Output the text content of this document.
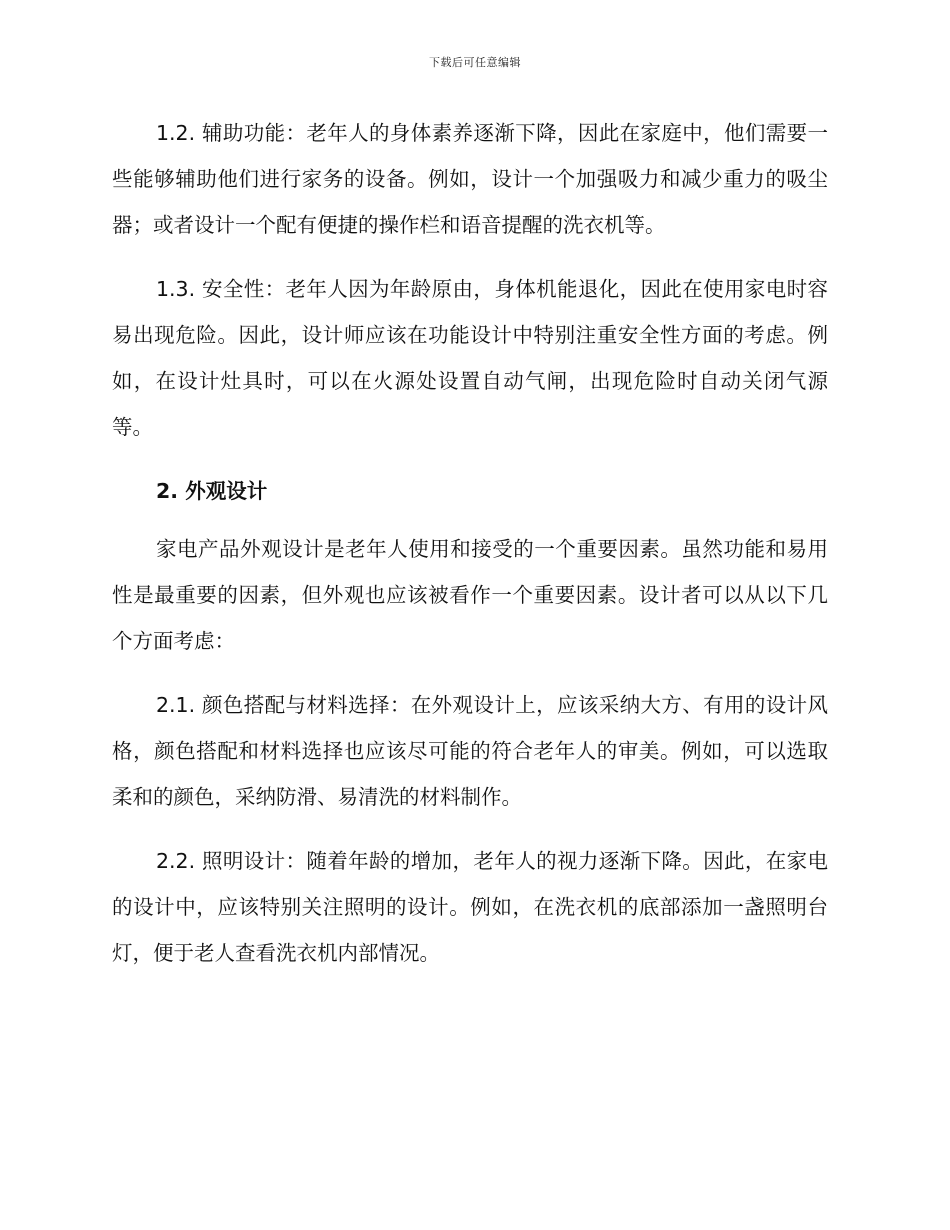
下载后可任意编辑

1.2. 辅助功能：老年人的身体素养逐渐下降，因此在家庭中，他们需要一些能够辅助他们进行家务的设备。例如，设计一个加强吸力和减少重力的吸尘器；或者设计一个配有便捷的操作栏和语音提醒的洗衣机等。

1.3. 安全性：老年人因为年龄原由，身体机能退化，因此在使用家电时容易出现危险。因此，设计师应该在功能设计中特别注重安全性方面的考虑。例如，在设计灶具时，可以在火源处设置自动气闸，出现危险时自动关闭气源等。

2. 外观设计

家电产品外观设计是老年人使用和接受的一个重要因素。虽然功能和易用性是最重要的因素，但外观也应该被看作一个重要因素。设计者可以从以下几个方面考虑：

2.1. 颜色搭配与材料选择：在外观设计上，应该采纳大方、有用的设计风格，颜色搭配和材料选择也应该尽可能的符合老年人的审美。例如，可以选取柔和的颜色，采纳防滑、易清洗的材料制作。

2.2. 照明设计：随着年龄的增加，老年人的视力逐渐下降。因此，在家电的设计中，应该特别关注照明的设计。例如，在洗衣机的底部添加一盏照明台灯，便于老人查看洗衣机内部情况。
